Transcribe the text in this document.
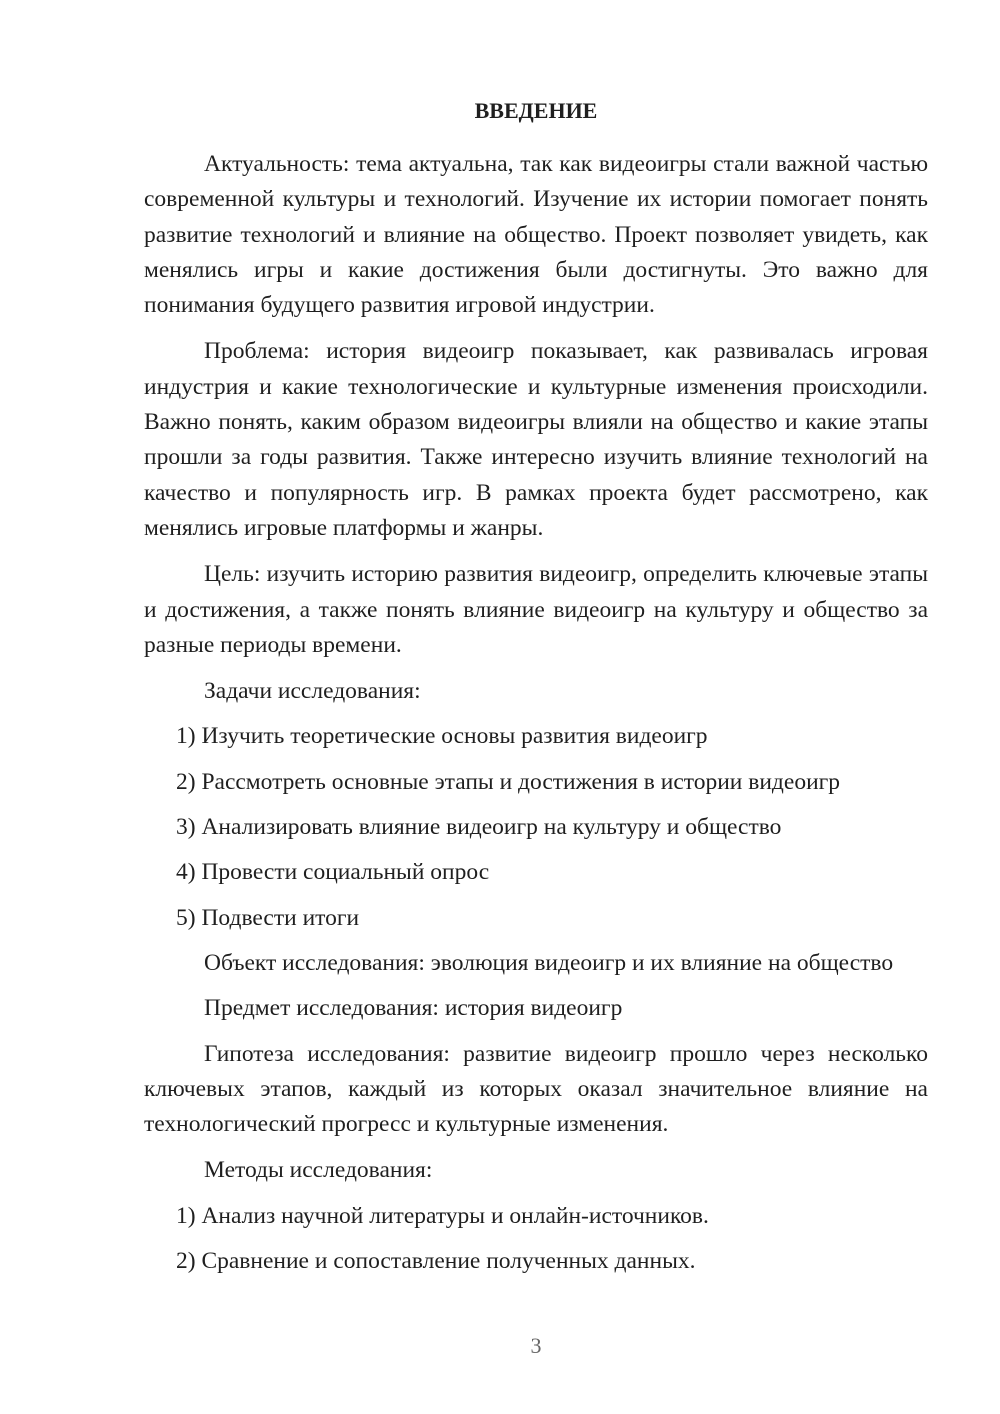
ВВЕДЕНИЕ

Актуальность: тема актуальна, так как видеоигры стали важной частью современной культуры и технологий. Изучение их истории помогает понять развитие технологий и влияние на общество. Проект позволяет увидеть, как менялись игры и какие достижения были достигнуты. Это важно для понимания будущего развития игровой индустрии.

Проблема: история видеоигр показывает, как развивалась игровая индустрия и какие технологические и культурные изменения происходили. Важно понять, каким образом видеоигры влияли на общество и какие этапы прошли за годы развития. Также интересно изучить влияние технологий на качество и популярность игр. В рамках проекта будет рассмотрено, как менялись игровые платформы и жанры.

Цель: изучить историю развития видеоигр, определить ключевые этапы и достижения, а также понять влияние видеоигр на культуру и общество за разные периоды времени.

Задачи исследования:
1) Изучить теоретические основы развития видеоигр
2) Рассмотреть основные этапы и достижения в истории видеоигр
3) Анализировать влияние видеоигр на культуру и общество
4) Провести социальный опрос
5) Подвести итоги
Объект исследования: эволюция видеоигр и их влияние на общество
Предмет исследования: история видеоигр

Гипотеза исследования: развитие видеоигр прошло через несколько ключевых этапов, каждый из которых оказал значительное влияние на технологический прогресс и культурные изменения.

Методы исследования:
1) Анализ научной литературы и онлайн-источников.
2) Сравнение и сопоставление полученных данных.
3
